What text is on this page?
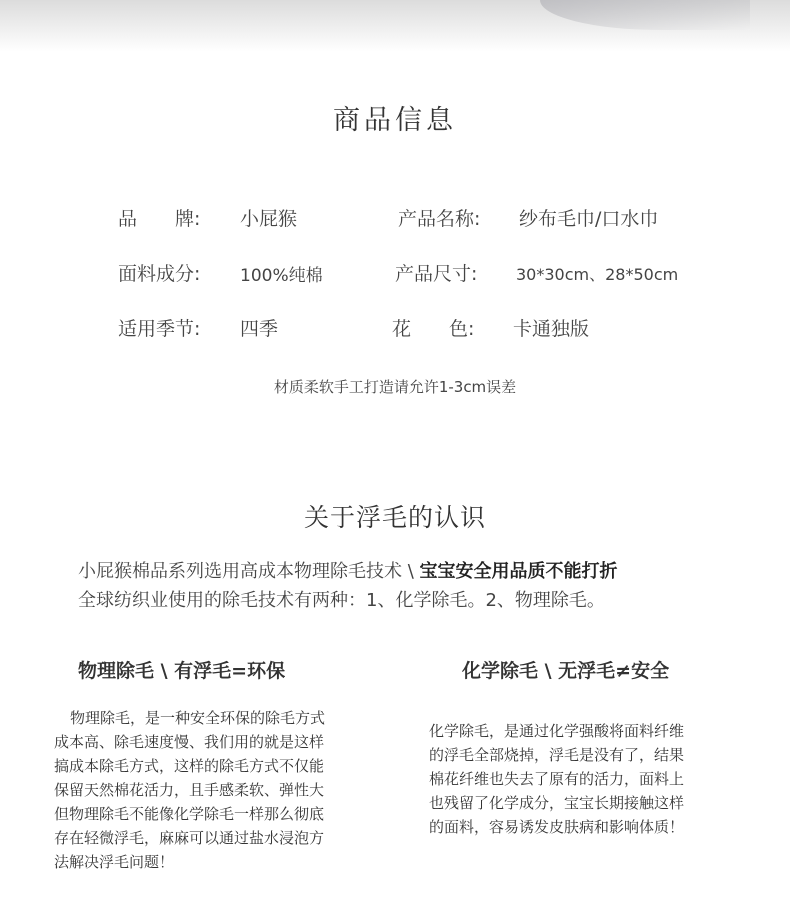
商品信息
品　　牌: 小屁猴	产品名称: 纱布毛巾/口水巾
面料成分: 100%纯棉	产品尺寸: 30*30cm、28*50cm
适用季节: 四季	花　　色: 卡通独版
材质柔软手工打造请允许1-3cm误差
关于浮毛的认识
小屁猴棉品系列选用高成本物理除毛技术 \ 宝宝安全用品质不能打折
全球纺织业使用的除毛技术有两种：1、化学除毛。2、物理除毛。
物理除毛 \ 有浮毛=环保	化学除毛 \ 无浮毛≠安全

物理除毛，是一种安全环保的除毛方式

成本高、除毛速度慢、我们用的就是这样

搞成本除毛方式，这样的除毛方式不仅能

保留天然棉花活力，且手感柔软、弹性大

但物理除毛不能像化学除毛一样那么彻底

存在轻微浮毛，麻麻可以通过盐水浸泡方

法解决浮毛问题！

化学除毛，是通过化学强酸将面料纤维

的浮毛全部烧掉，浮毛是没有了，结果

棉花纤维也失去了原有的活力，面料上

也残留了化学成分，宝宝长期接触这样

的面料，容易诱发皮肤病和影响体质！
